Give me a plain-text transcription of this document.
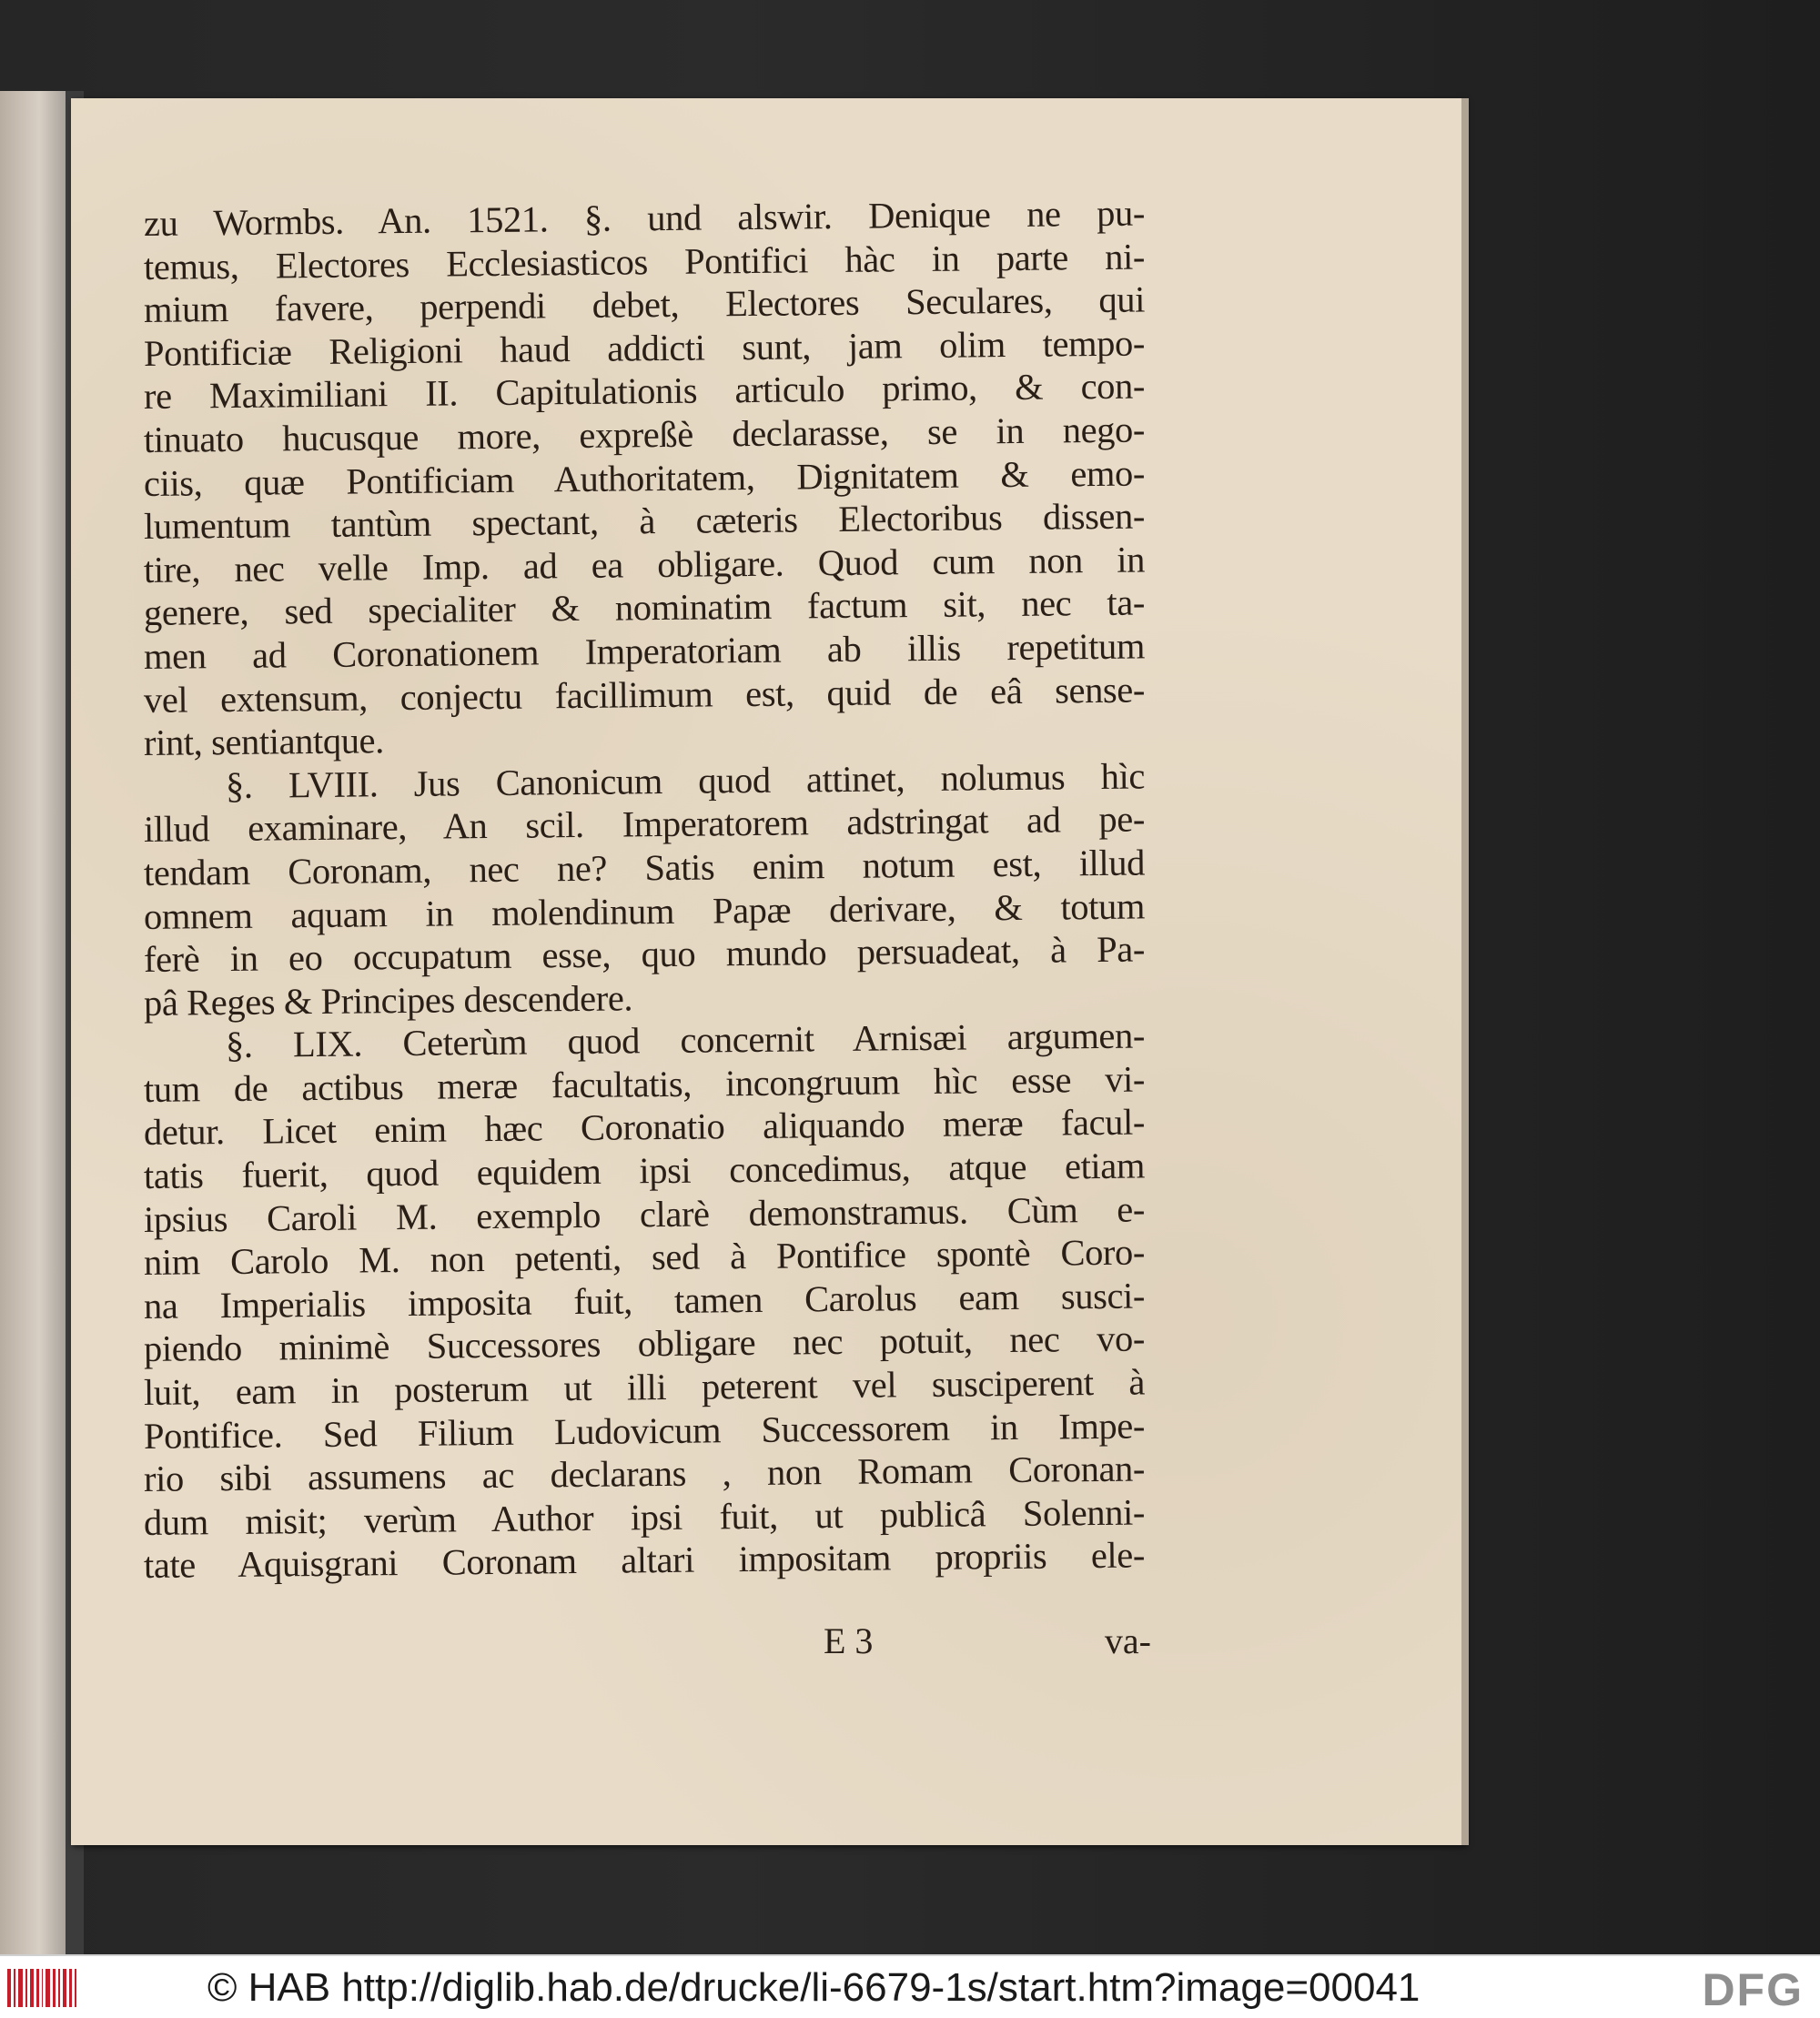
zu Wormbs. An. 1521. §. und alswir. Denique ne pu-
temus, Electores Ecclesiasticos Pontifici hàc in parte ni-
mium favere, perpendi debet, Electores Seculares, qui
Pontificiæ Religioni haud addicti sunt, jam olim tempo-
re Maximiliani II. Capitulationis articulo primo, & con-
tinuato hucusque more, expreßè declarasse, se in nego-
ciis, quæ Pontificiam Authoritatem, Dignitatem & emo-
lumentum tantùm spectant, à cæteris Electoribus dissen-
tire, nec velle Imp. ad ea obligare. Quod cum non in
genere, sed specialiter & nominatim factum sit, nec ta-
men ad Coronationem Imperatoriam ab illis repetitum
vel extensum, conjectu facillimum est, quid de eâ sense-
rint, sentiantque.
§. LVIII. Jus Canonicum quod attinet, nolumus hìc
illud examinare, An scil. Imperatorem adstringat ad pe-
tendam Coronam, nec ne? Satis enim notum est, illud
omnem aquam in molendinum Papæ derivare, & totum
ferè in eo occupatum esse, quo mundo persuadeat, à Pa-
pâ Reges & Principes descendere.
§. LIX. Ceterùm quod concernit Arnisæi argumen-
tum de actibus meræ facultatis, incongruum hìc esse vi-
detur. Licet enim hæc Coronatio aliquando meræ facul-
tatis fuerit, quod equidem ipsi concedimus, atque etiam
ipsius Caroli M. exemplo clarè demonstramus. Cùm e-
nim Carolo M. non petenti, sed à Pontifice spontè Coro-
na Imperialis imposita fuit, tamen Carolus eam susci-
piendo minimè Successores obligare nec potuit, nec vo-
luit, eam in posterum ut illi peterent vel susciperent à
Pontifice. Sed Filium Ludovicum Successorem in Impe-
rio sibi assumens ac declarans , non Romam Coronan-
dum misit; verùm Author ipsi fuit, ut publicâ Solenni-
tate Aquisgrani Coronam altari impositam propriis ele-
E 3	va-
© HAB http://diglib.hab.de/drucke/li-6679-1s/start.htm?image=00041	DFG
